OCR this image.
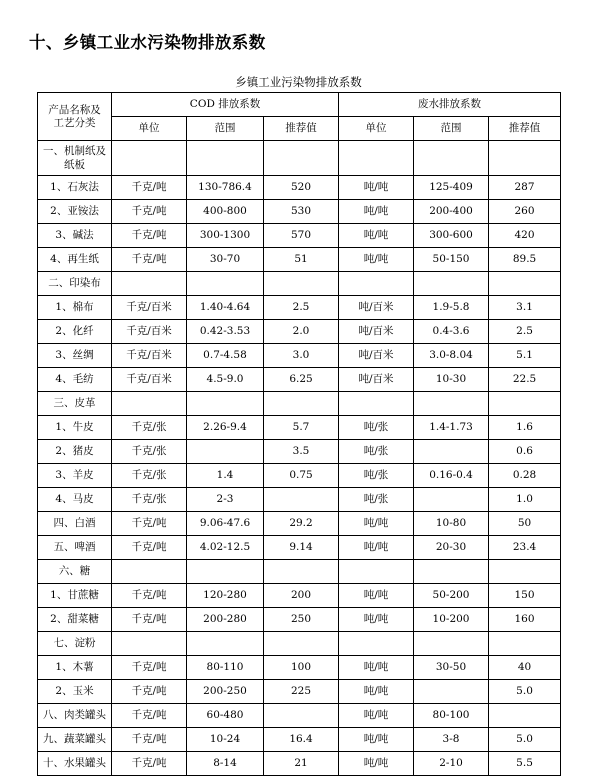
十、乡镇工业水污染物排放系数
乡镇工业污染物排放系数
产品名称及
工艺分类	COD 排放系数			废水排放系数		
	单位	范围	推荐值	单位	范围	推荐值

一、机制纸及
纸板						

1、石灰法	千克/吨	130-786.4	520	吨/吨	125-409	287
2、亚铵法	千克/吨	400-800	530	吨/吨	200-400	260
3、碱法	千克/吨	300-1300	570	吨/吨	300-600	420
4、再生纸	千克/吨	30-70	51	吨/吨	50-150	89.5
二、印染布						
1、棉布	千克/百米	1.40-4.64	2.5	吨/百米	1.9-5.8	3.1
2、化纤	千克/百米	0.42-3.53	2.0	吨/百米	0.4-3.6	2.5
3、丝绸	千克/百米	0.7-4.58	3.0	吨/百米	3.0-8.04	5.1
4、毛纺	千克/百米	4.5-9.0	6.25	吨/百米	10-30	22.5
三、皮革						
1、牛皮	千克/张	2.26-9.4	5.7	吨/张	1.4-1.73	1.6
2、猪皮	千克/张		3.5	吨/张		0.6
3、羊皮	千克/张	1.4	0.75	吨/张	0.16-0.4	0.28
4、马皮	千克/张	2-3		吨/张		1.0
四、白酒	千克/吨	9.06-47.6	29.2	吨/吨	10-80	50
五、啤酒	千克/吨	4.02-12.5	9.14	吨/吨	20-30	23.4
六、糖						
1、甘蔗糖	千克/吨	120-280	200	吨/吨	50-200	150
2、甜菜糖	千克/吨	200-280	250	吨/吨	10-200	160
七、淀粉						
1、木薯	千克/吨	80-110	100	吨/吨	30-50	40
2、玉米	千克/吨	200-250	225	吨/吨		5.0
八、肉类罐头	千克/吨	60-480		吨/吨	80-100	
九、蔬菜罐头	千克/吨	10-24	16.4	吨/吨	3-8	5.0
十、水果罐头	千克/吨	8-14	21	吨/吨	2-10	5.5
